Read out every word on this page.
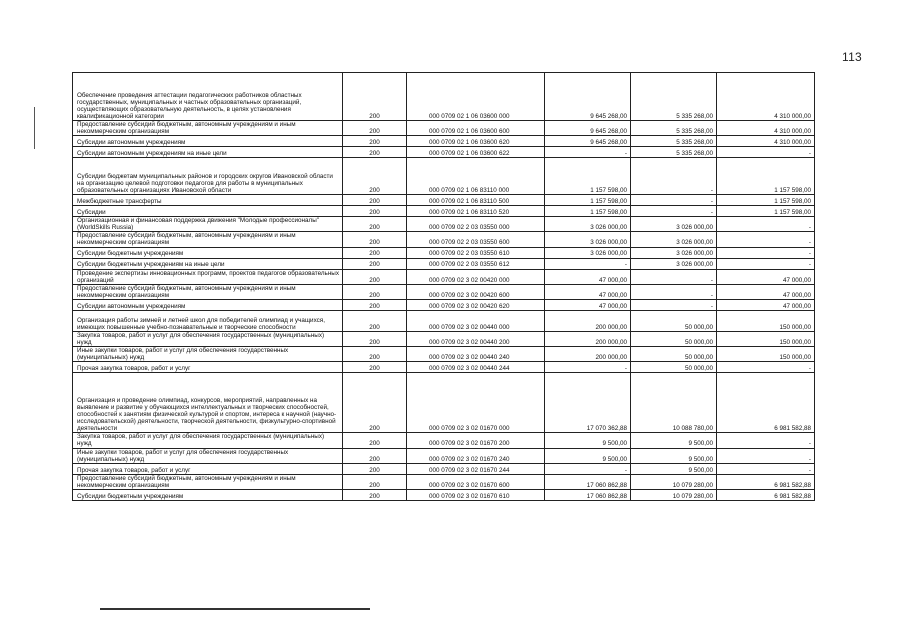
113
Обеспечение проведения аттестации педагогических работников областных государственных, муниципальных и частных образовательных организаций, осуществляющих образовательную деятельность, в целях установления квалификационной категории	200	000 0709 02 1 06 03600 000	9 645 268,00	5 335 268,00	4 310 000,00
Предоставление субсидий бюджетным, автономным учреждениям и иным некоммерческим организациям	200	000 0709 02 1 06 03600 600	9 645 268,00	5 335 268,00	4 310 000,00
Субсидии автономным учреждениям	200	000 0709 02 1 06 03600 620	9 645 268,00	5 335 268,00	4 310 000,00
Субсидии автономным учреждениям на иные цели	200	000 0709 02 1 06 03600 622	-	5 335 268,00	-
Субсидии бюджетам муниципальных районов и городских округов Ивановской области на организацию целевой подготовки педагогов для работы в муниципальных образовательных организациях Ивановской области	200	000 0709 02 1 06 83110 000	1 157 598,00	-	1 157 598,00
Межбюджетные трансферты	200	000 0709 02 1 06 83110 500	1 157 598,00	-	1 157 598,00
Субсидии	200	000 0709 02 1 06 83110 520	1 157 598,00	-	1 157 598,00
Организационная и финансовая поддержка движения "Молодые профессионалы" (WorldSkills Russia)	200	000 0709 02 2 03 03550 000	3 026 000,00	3 026 000,00	-
Предоставление субсидий бюджетным, автономным учреждениям и иным некоммерческим организациям	200	000 0709 02 2 03 03550 600	3 026 000,00	3 026 000,00	-
Субсидии бюджетным учреждениям	200	000 0709 02 2 03 03550 610	3 026 000,00	3 026 000,00	-
Субсидии бюджетным учреждениям на иные цели	200	000 0709 02 2 03 03550 612	-	3 026 000,00	-
Проведение экспертизы инновационных программ, проектов педагогов образовательных организаций	200	000 0709 02 3 02 00420 000	47 000,00	-	47 000,00
Предоставление субсидий бюджетным, автономным учреждениям и иным некоммерческим организациям	200	000 0709 02 3 02 00420 600	47 000,00	-	47 000,00
Субсидии автономным учреждениям	200	000 0709 02 3 02 00420 620	47 000,00	-	47 000,00
Организация работы зимней и летней школ для победителей олимпиад и учащихся, имеющих повышенные учебно-познавательные и творческие способности	200	000 0709 02 3 02 00440 000	200 000,00	50 000,00	150 000,00
Закупка товаров, работ и услуг для обеспечения государственных (муниципальных) нужд	200	000 0709 02 3 02 00440 200	200 000,00	50 000,00	150 000,00
Иные закупки товаров, работ и услуг для обеспечения государственных (муниципальных) нужд	200	000 0709 02 3 02 00440 240	200 000,00	50 000,00	150 000,00
Прочая закупка товаров, работ и услуг	200	000 0709 02 3 02 00440 244	-	50 000,00	-
Организация и проведение олимпиад, конкурсов, мероприятий, направленных на выявление и развитие у обучающихся интеллектуальных и творческих способностей, способностей к занятиям физической культурой и спортом, интереса к научной (научно-исследовательской) деятельности, творческой деятельности, физкультурно-спортивной деятельности	200	000 0709 02 3 02 01670 000	17 070 362,88	10 088 780,00	6 981 582,88
Закупка товаров, работ и услуг для обеспечения государственных (муниципальных) нужд	200	000 0709 02 3 02 01670 200	9 500,00	9 500,00	-
Иные закупки товаров, работ и услуг для обеспечения государственных (муниципальных) нужд	200	000 0709 02 3 02 01670 240	9 500,00	9 500,00	-
Прочая закупка товаров, работ и услуг	200	000 0709 02 3 02 01670 244	-	9 500,00	-
Предоставление субсидий бюджетным, автономным учреждениям и иным некоммерческим организациям	200	000 0709 02 3 02 01670 600	17 060 862,88	10 079 280,00	6 981 582,88
Субсидии бюджетным учреждениям	200	000 0709 02 3 02 01670 610	17 060 862,88	10 079 280,00	6 981 582,88
